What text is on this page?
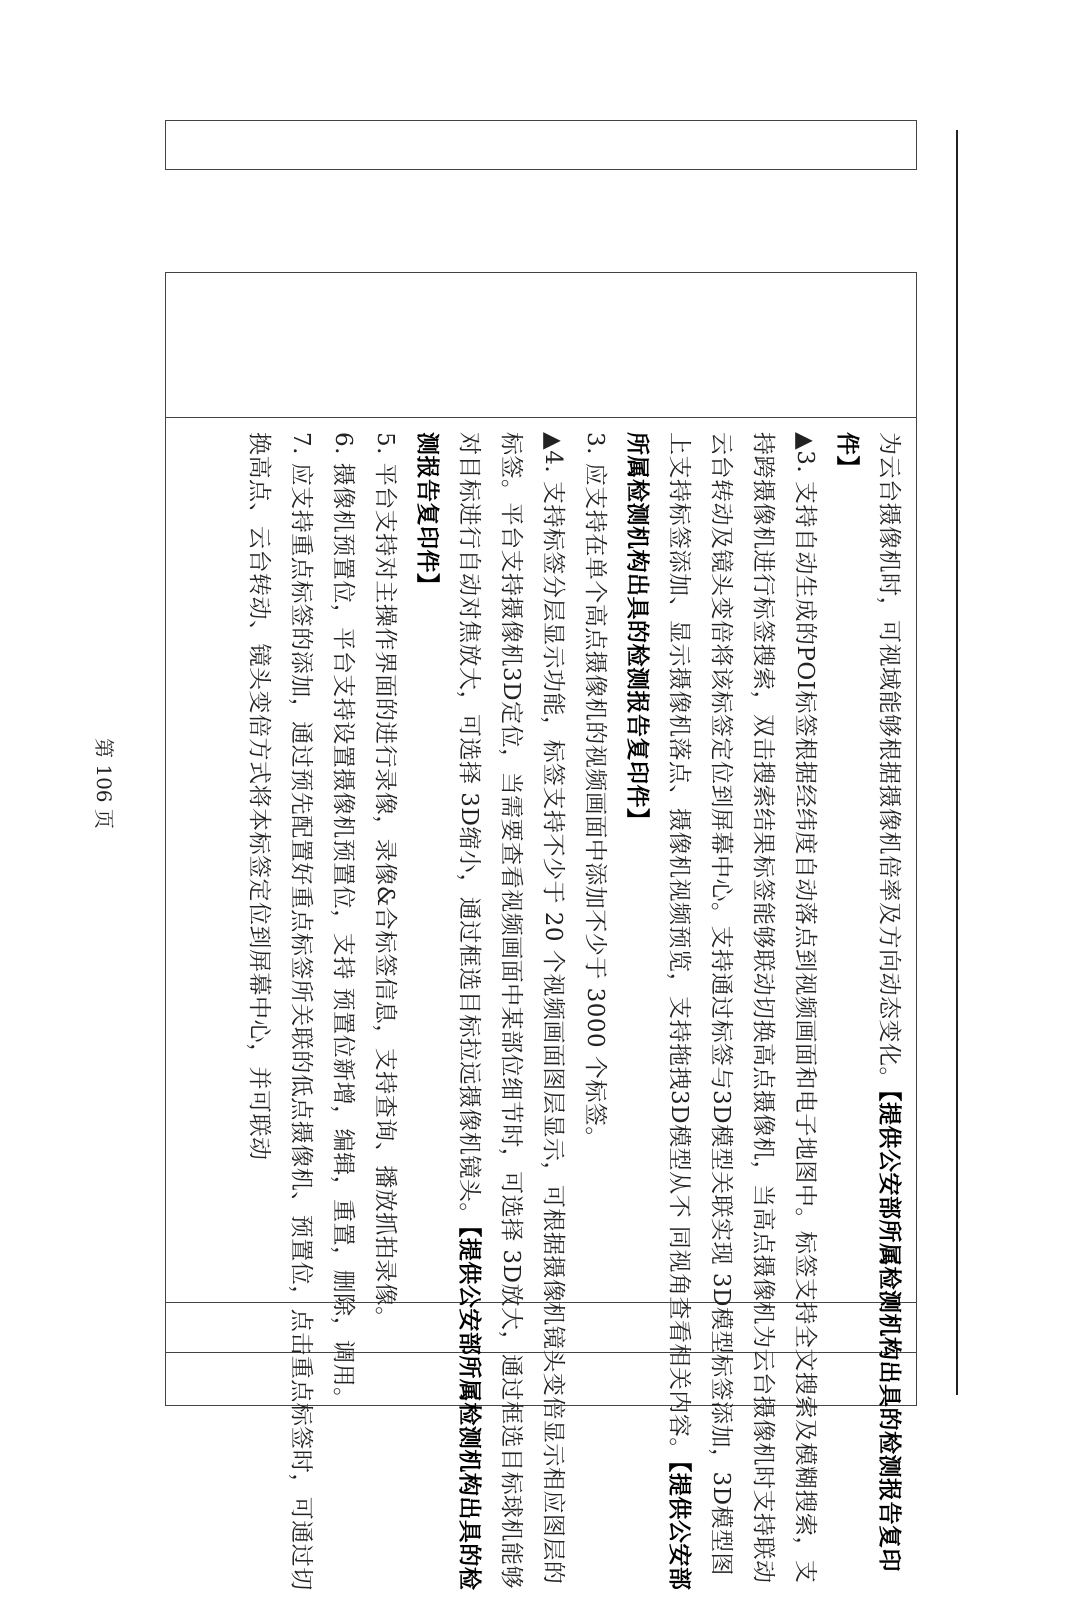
为云台摄像机时，可视域能够根据摄像机倍率及方向动态变化。【提供公安部所属检测机构出具的检测报告复印件】

▲3. 支持自动生成的POI标签根据经纬度自动落点到视频画面和电子地图中。标签支持全文搜索及模糊搜索，支持跨摄像机进行标签搜索，双击搜索结果标签能够联动切换高点摄像机，当高点摄像机为云台摄像机时支持联动云台转动及镜头变倍将该标签定位到屏幕中心。支持通过标签与3D模型关联实现 3D模型标签添加，3D模型图上支持标签添加、显示摄像机落点、摄像机视频预览，支持拖拽3D模型从不 同视角查看相关内容。【提供公安部所属检测机构出具的检测报告复印件】

3. 应支持在单个高点摄像机的视频画面中添加不少于 3000 个标签。

▲4. 支持标签分层显示功能，标签支持不少于 20 个视频画面图层显示，可根据摄像机镜头变倍显示相应图层的标签。平台支持摄像机3D定位，当需要查看视频画面中某部位细节时，可选择 3D放大，通过框选目标球机能够对目标进行自动对焦放大，可选择 3D缩小，通过框选目标拉远摄像机镜头。【提供公安部所属检测机构出具的检测报告复印件】

5. 平台支持对主操作界面的进行录像，录像&合标签信息，支持查询、播放抓拍录像。

6. 摄像机预置位，平台支持设置摄像机预置位，支持 预置位新增，编辑，重置，删除，调用。

7. 应支持重点标签的添加，通过预先配置好重点标签所关联的低点摄像机、预置位，点击重点标签时，可通过切换高点、云台转动、镜头变倍方式将本标签定位到屏幕中心，并可联动

第 106 页
